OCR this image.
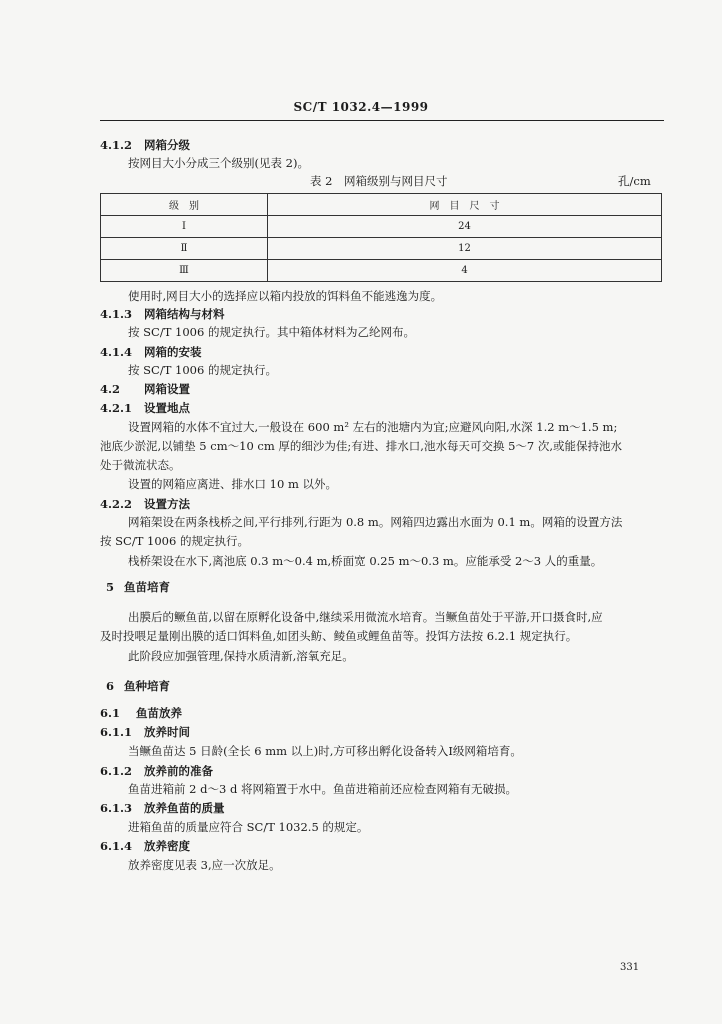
SC/T 1032.4—1999
4.1.2 网箱分级
按网目大小分成三个级别(见表 2)。
表 2　网箱级别与网目尺寸	孔/cm
级　别	网　目　尺　寸
Ⅰ	24
Ⅱ	12
Ⅲ	4
使用时,网目大小的选择应以箱内投放的饵料鱼不能逃逸为度。
4.1.3 网箱结构与材料
按 SC/T 1006 的规定执行。其中箱体材料为乙纶网布。
4.1.4 网箱的安装
按 SC/T 1006 的规定执行。
4.2 网箱设置
4.2.1 设置地点
设置网箱的水体不宜过大,一般设在 600 m² 左右的池塘内为宜;应避风向阳,水深 1.2 m～1.5 m;
池底少淤泥,以铺垫 5 cm～10 cm 厚的细沙为佳;有进、排水口,池水每天可交换 5～7 次,或能保持池水
处于微流状态。
设置的网箱应离进、排水口 10 m 以外。
4.2.2 设置方法
网箱架设在两条栈桥之间,平行排列,行距为 0.8 m。网箱四边露出水面为 0.1 m。网箱的设置方法
按 SC/T 1006 的规定执行。
栈桥架设在水下,离池底 0.3 m～0.4 m,桥面宽 0.25 m～0.3 m。应能承受 2～3 人的重量。
5 鱼苗培育
出膜后的鳜鱼苗,以留在原孵化设备中,继续采用微流水培育。当鳜鱼苗处于平游,开口摄食时,应
及时投喂足量刚出膜的适口饵料鱼,如团头鲂、鲮鱼或鲤鱼苗等。投饵方法按 6.2.1 规定执行。
此阶段应加强管理,保持水质清新,溶氧充足。
6 鱼种培育
6.1 鱼苗放养
6.1.1 放养时间
当鳜鱼苗达 5 日龄(全长 6 mm 以上)时,方可移出孵化设备转入Ⅰ级网箱培育。
6.1.2 放养前的准备
鱼苗进箱前 2 d～3 d 将网箱置于水中。鱼苗进箱前还应检查网箱有无破损。
6.1.3 放养鱼苗的质量
进箱鱼苗的质量应符合 SC/T 1032.5 的规定。
6.1.4 放养密度
放养密度见表 3,应一次放足。
331
